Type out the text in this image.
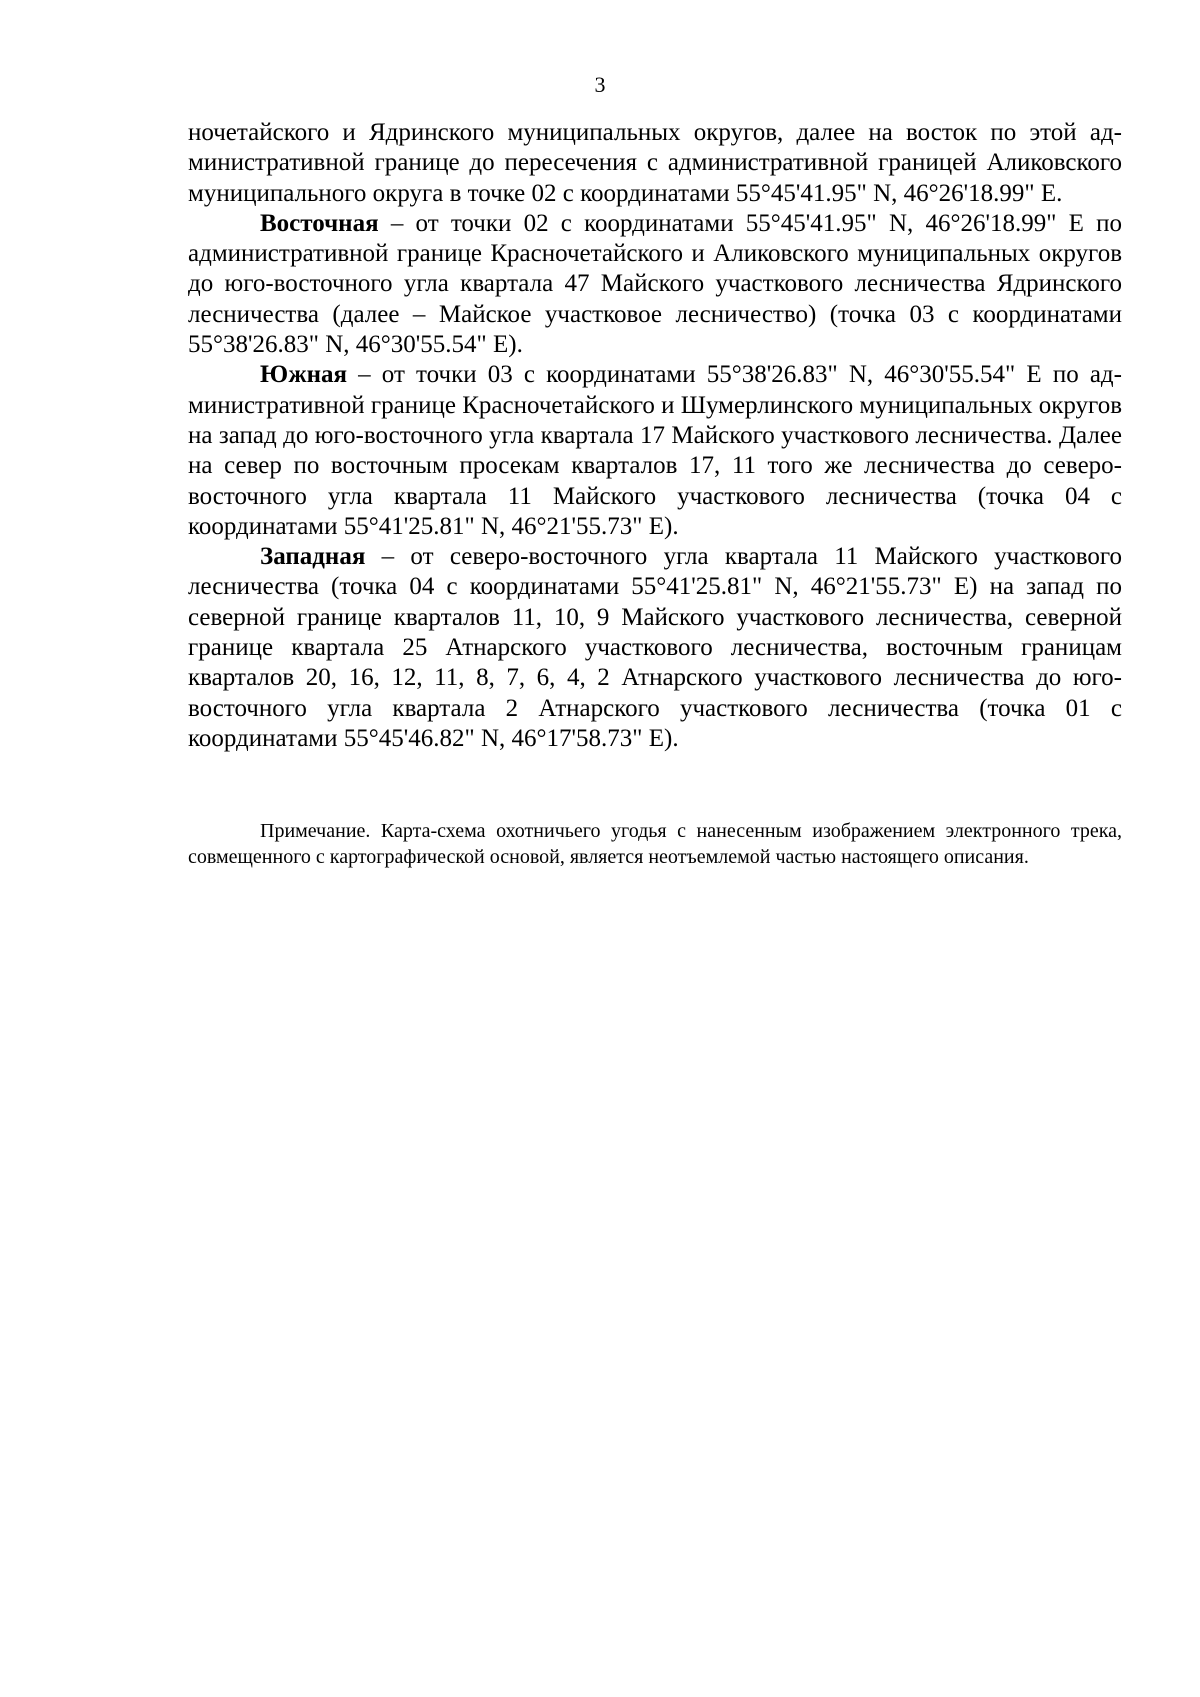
3

ночетайского и Ядринского муниципальных округов, далее на восток по этой административной границе до пересечения с административной границей Аликовского муниципального округа в точке 02 с координатами 55°45'41.95" N, 46°26'18.99" E.

Восточная – от точки 02 с координатами 55°45'41.95" N, 46°26'18.99" E по административной границе Красночетайского и Аликовского муниципальных округов до юго-восточного угла квартала 47 Майского участкового лесничества Ядринского лесничества (далее – Майское участковое лесничество) (точка 03 с координатами 55°38'26.83" N, 46°30'55.54" E).

Южная – от точки 03 с координатами 55°38'26.83" N, 46°30'55.54" E по административной границе Красночетайского и Шумерлинского муниципальных округов на запад до юго-восточного угла квартала 17 Майского участкового лесничества. Далее на север по восточным просекам кварталов 17, 11 того же лесничества до северо-восточного угла квартала 11 Майского участкового лесничества (точка 04 с координатами 55°41'25.81" N, 46°21'55.73" E).

Западная – от северо-восточного угла квартала 11 Майского участкового лесничества (точка 04 с координатами 55°41'25.81" N, 46°21'55.73" E) на запад по северной границе кварталов 11, 10, 9 Майского участкового лесничества, северной границе квартала 25 Атнарского участкового лесничества, восточным границам кварталов 20, 16, 12, 11, 8, 7, 6, 4, 2 Атнарского участкового лесничества до юго-восточного угла квартала 2 Атнарского участкового лесничества (точка 01 с координатами 55°45'46.82" N, 46°17'58.73" E).

Примечание. Карта-схема охотничьего угодья с нанесенным изображением электронного трека, совмещенного с картографической основой, является неотъемлемой частью настоящего описания.
